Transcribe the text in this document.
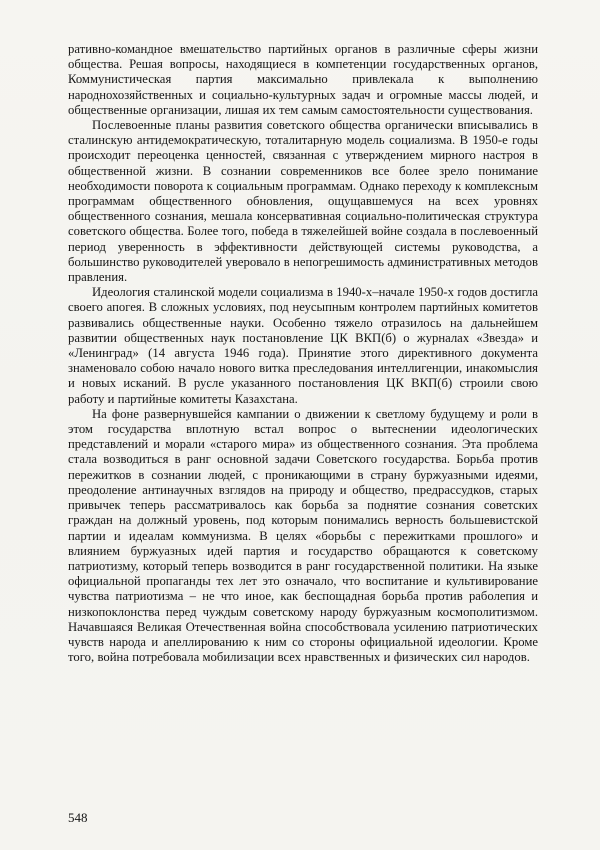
ративно-командное вмешательство партийных органов в различные сферы жизни общества. Решая вопросы, находящиеся в компетенции государственных органов, Коммунистическая партия максимально привлекала к выполнению народнохозяйственных и социально-культурных задач и огромные массы людей, и общественные организации, лишая их тем самым самостоятельности существования.

Послевоенные планы развития советского общества органически вписывались в сталинскую антидемократическую, тоталитарную модель социализма. В 1950-е годы происходит переоценка ценностей, связанная с утверждением мирного настроя в общественной жизни. В сознании современников все более зрело понимание необходимости поворота к социальным программам. Однако переходу к комплексным программам общественного обновления, ощущавшемуся на всех уровнях общественного сознания, мешала консервативная социально-политическая структура советского общества. Более того, победа в тяжелейшей войне создала в послевоенный период уверенность в эффективности действующей системы руководства, а большинство руководителей уверовало в непогрешимость административных методов правления.

Идеология сталинской модели социализма в 1940-х–начале 1950-х годов достигла своего апогея. В сложных условиях, под неусыпным контролем партийных комитетов развивались общественные науки. Особенно тяжело отразилось на дальнейшем развитии общественных наук постановление ЦК ВКП(б) о журналах «Звезда» и «Ленинград» (14 августа 1946 года). Принятие этого директивного документа знаменовало собою начало нового витка преследования интеллигенции, инакомыслия и новых исканий. В русле указанного постановления ЦК ВКП(б) строили свою работу и партийные комитеты Казахстана.

На фоне развернувшейся кампании о движении к светлому будущему и роли в этом государства вплотную встал вопрос о вытеснении идеологических представлений и морали «старого мира» из общественного сознания. Эта проблема стала возводиться в ранг основной задачи Советского государства. Борьба против пережитков в сознании людей, с проникающими в страну буржуазными идеями, преодоление антинаучных взглядов на природу и общество, предрассудков, старых привычек теперь рассматривалось как борьба за поднятие сознания советских граждан на должный уровень, под которым понимались верность большевистской партии и идеалам коммунизма. В целях «борьбы с пережитками прошлого» и влиянием буржуазных идей партия и государство обращаются к советскому патриотизму, который теперь возводится в ранг государственной политики. На языке официальной пропаганды тех лет это означало, что воспитание и культивирование чувства патриотизма – не что иное, как беспощадная борьба против раболепия и низкопоклонства перед чуждым советскому народу буржуазным космополитизмом. Начавшаяся Великая Отечественная война способствовала усилению патриотических чувств народа и апеллированию к ним со стороны официальной идеологии. Кроме того, война потребовала мобилизации всех нравственных и физических сил народов.

548
